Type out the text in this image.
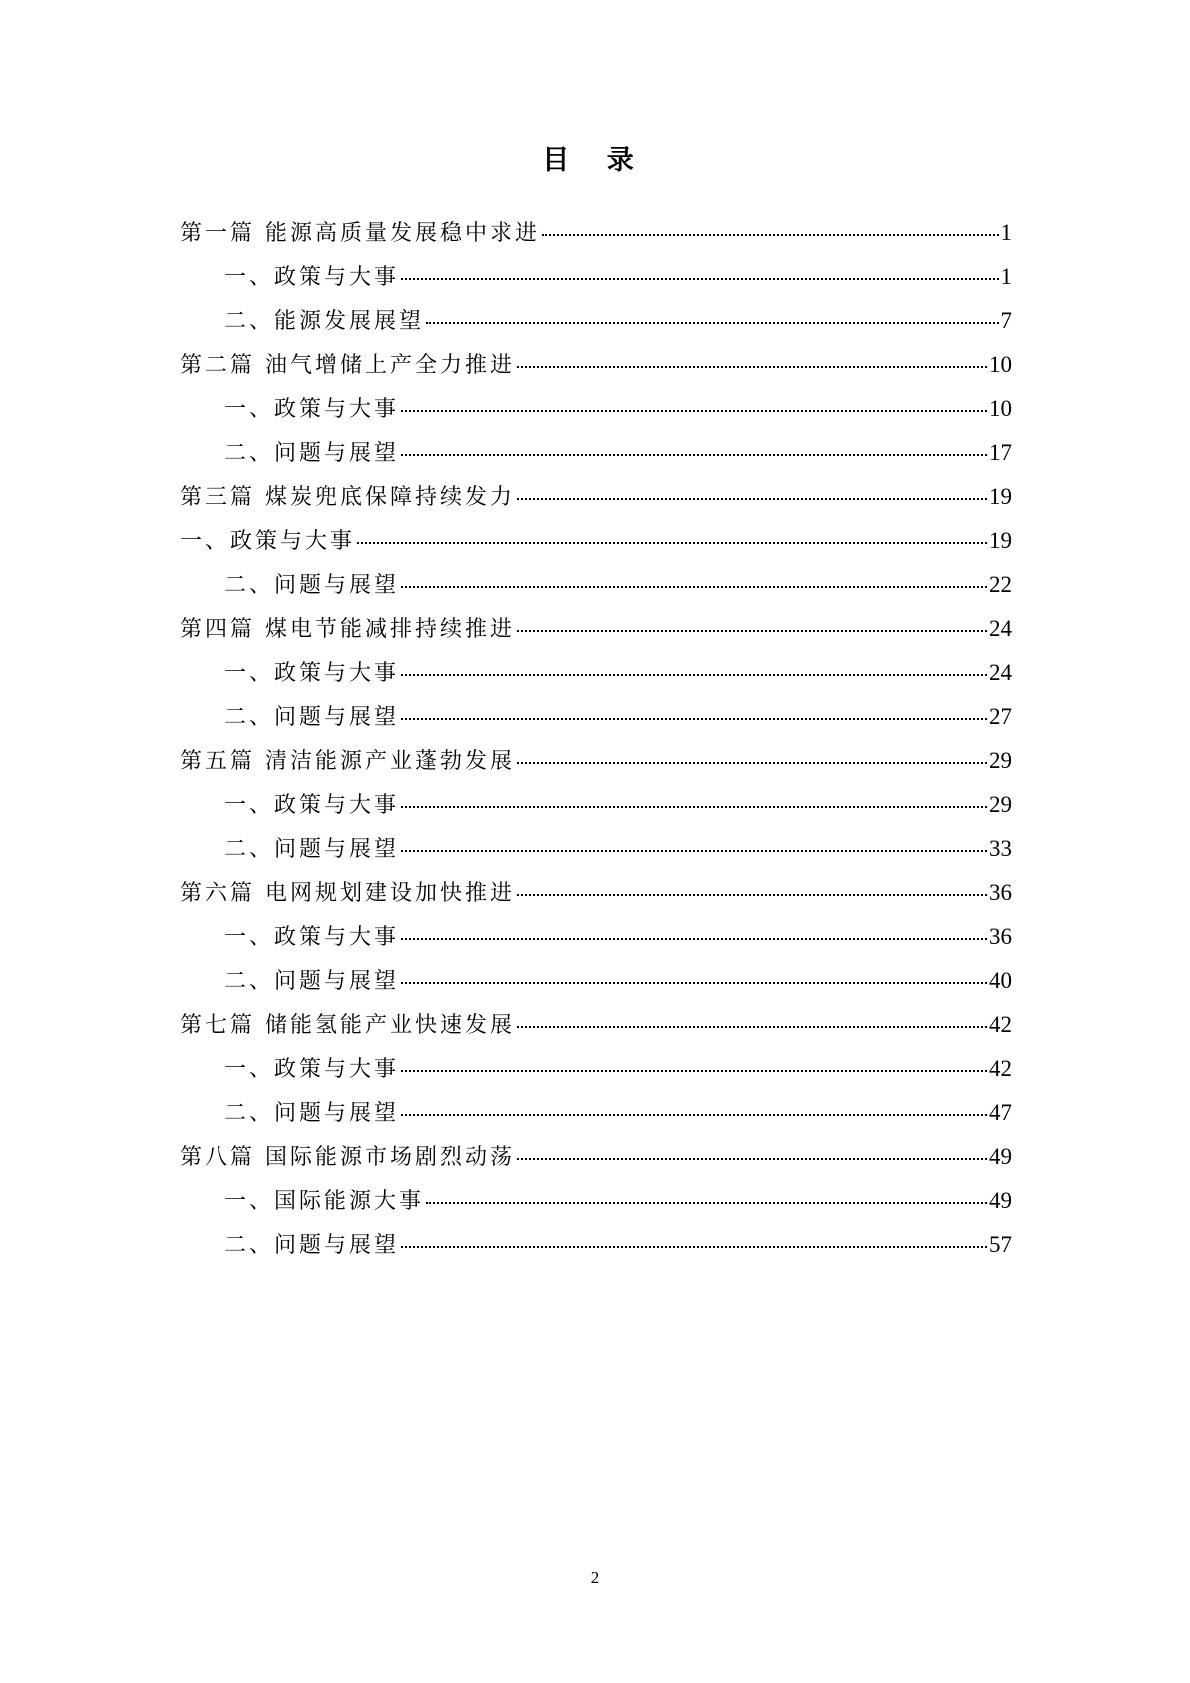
目 录
第一篇 能源高质量发展稳中求进	1
一、政策与大事	1
二、能源发展展望	7
第二篇 油气增储上产全力推进	10
一、政策与大事	10
二、问题与展望	17
第三篇 煤炭兜底保障持续发力	19
一、政策与大事	19
二、问题与展望	22
第四篇 煤电节能减排持续推进	24
一、政策与大事	24
二、问题与展望	27
第五篇 清洁能源产业蓬勃发展	29
一、政策与大事	29
二、问题与展望	33
第六篇 电网规划建设加快推进	36
一、政策与大事	36
二、问题与展望	40
第七篇 储能氢能产业快速发展	42
一、政策与大事	42
二、问题与展望	47
第八篇 国际能源市场剧烈动荡	49
一、国际能源大事	49
二、问题与展望	57
2
